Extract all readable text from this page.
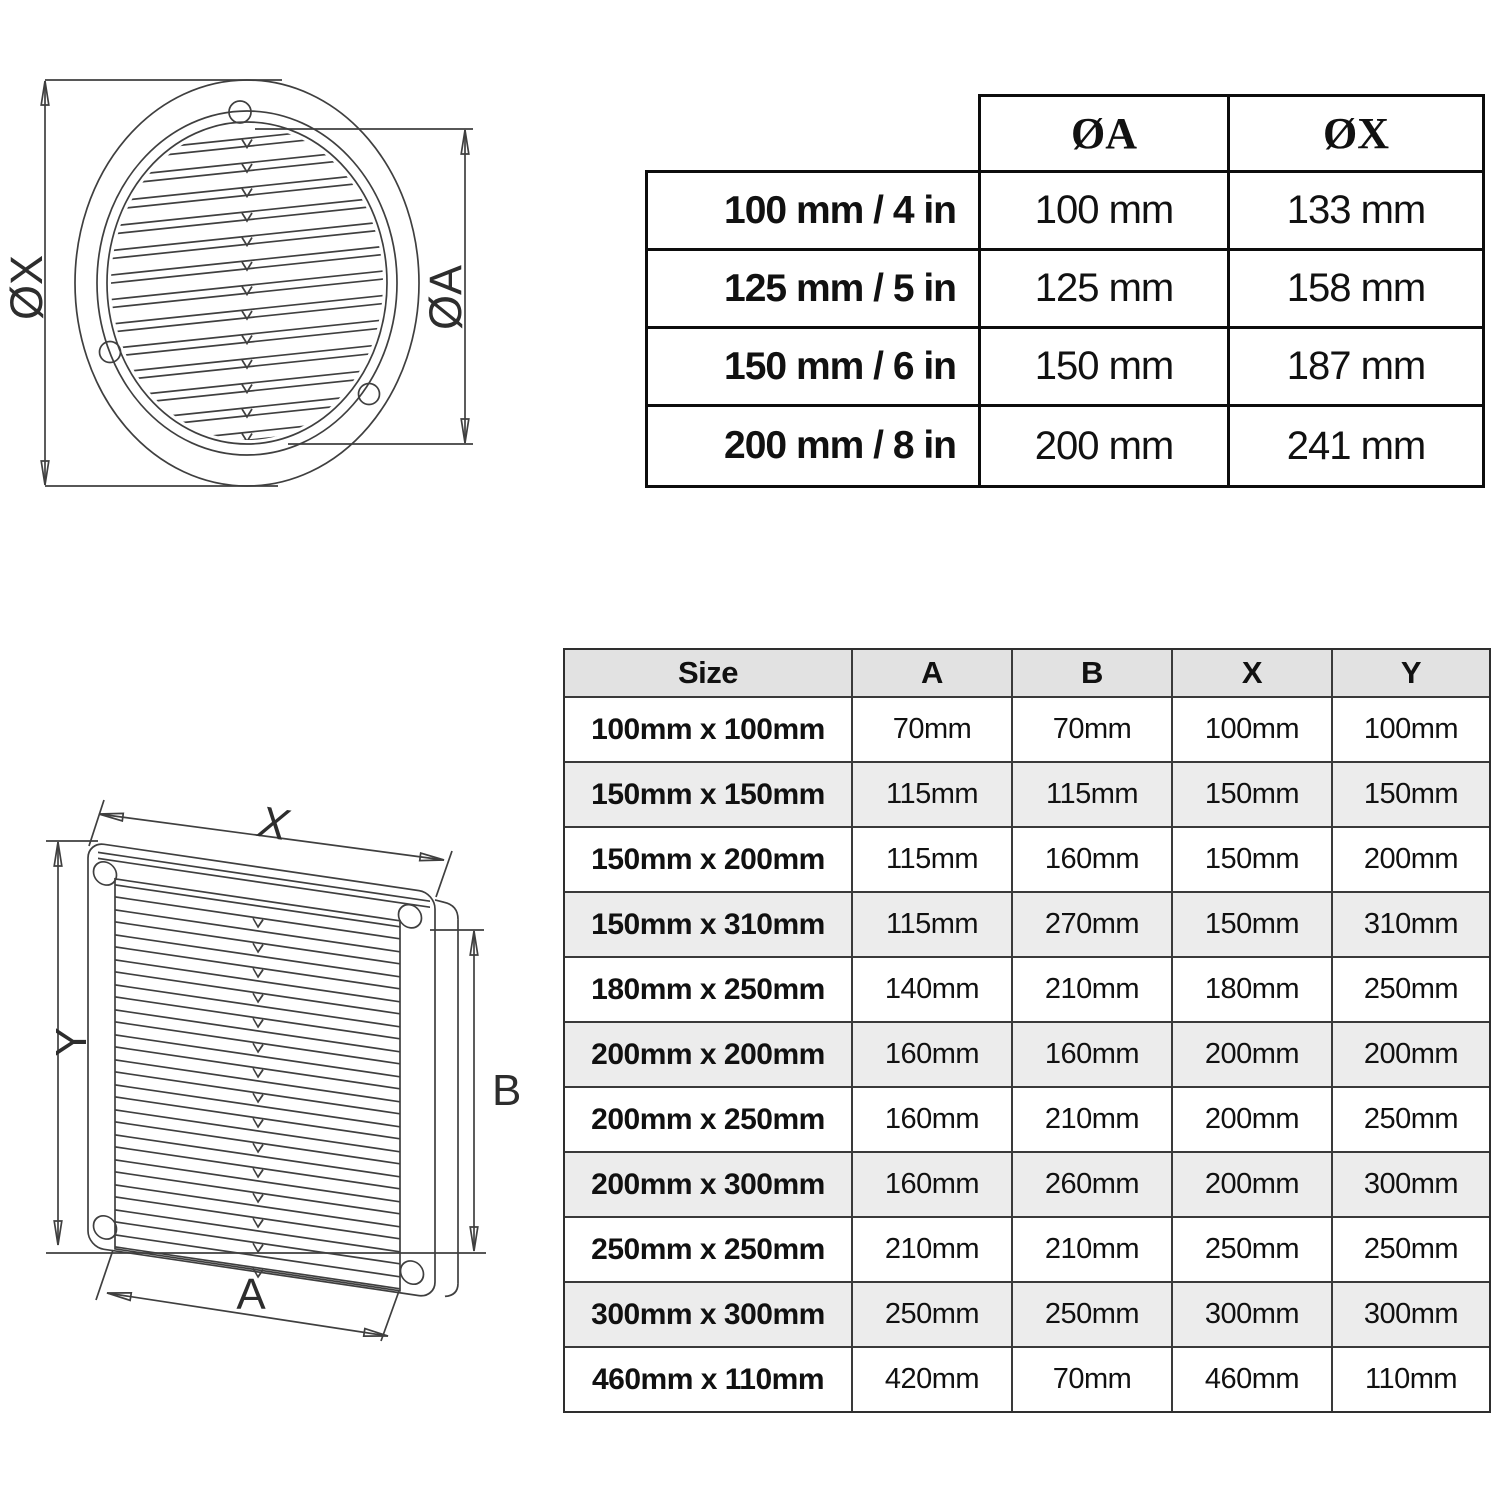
ØX	ØA
X
Y
B
A
ØA	ØX
100 mm / 4 in	100 mm	133 mm
125 mm / 5 in	125 mm	158 mm
150 mm / 6 in	150 mm	187 mm
200 mm / 8 in	200 mm	241 mm
Size	A	B	X	Y
100mm x 100mm	70mm	70mm	100mm	100mm
150mm x 150mm	115mm	115mm	150mm	150mm
150mm x 200mm	115mm	160mm	150mm	200mm
150mm x 310mm	115mm	270mm	150mm	310mm
180mm x 250mm	140mm	210mm	180mm	250mm
200mm x 200mm	160mm	160mm	200mm	200mm
200mm x 250mm	160mm	210mm	200mm	250mm
200mm x 300mm	160mm	260mm	200mm	300mm
250mm x 250mm	210mm	210mm	250mm	250mm
300mm x 300mm	250mm	250mm	300mm	300mm
460mm x 110mm	420mm	70mm	460mm	110mm
